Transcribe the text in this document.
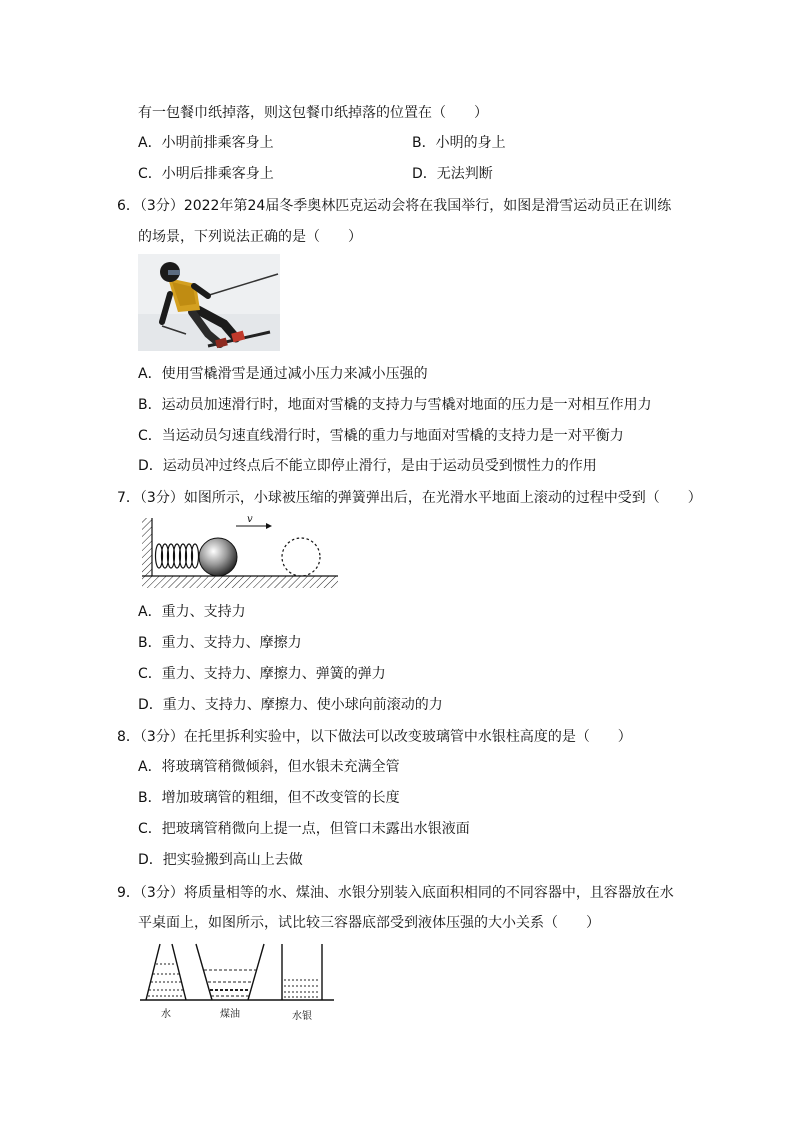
有一包餐巾纸掉落，则这包餐巾纸掉落的位置在（　　）
A．小明前排乘客身上	B．小明的身上
C．小明后排乘客身上	D．无法判断
6．（3分）2022年第24届冬季奥林匹克运动会将在我国举行，如图是滑雪运动员正在训练
的场景，下列说法正确的是（　　）
A．使用雪橇滑雪是通过减小压力来减小压强的
B．运动员加速滑行时，地面对雪橇的支持力与雪橇对地面的压力是一对相互作用力
C．当运动员匀速直线滑行时，雪橇的重力与地面对雪橇的支持力是一对平衡力
D．运动员冲过终点后不能立即停止滑行，是由于运动员受到惯性力的作用
7．（3分）如图所示，小球被压缩的弹簧弹出后，在光滑水平地面上滚动的过程中受到（　　）
v
A．重力、支持力
B．重力、支持力、摩擦力
C．重力、支持力、摩擦力、弹簧的弹力
D．重力、支持力、摩擦力、使小球向前滚动的力
8．（3分）在托里拆利实验中，以下做法可以改变玻璃管中水银柱高度的是（　　）
A．将玻璃管稍微倾斜，但水银未充满全管
B．增加玻璃管的粗细，但不改变管的长度
C．把玻璃管稍微向上提一点，但管口未露出水银液面
D．把实验搬到高山上去做
9．（3分）将质量相等的水、煤油、水银分别装入底面积相同的不同容器中，且容器放在水
平桌面上，如图所示，试比较三容器底部受到液体压强的大小关系（　　）
水	煤油	水银
